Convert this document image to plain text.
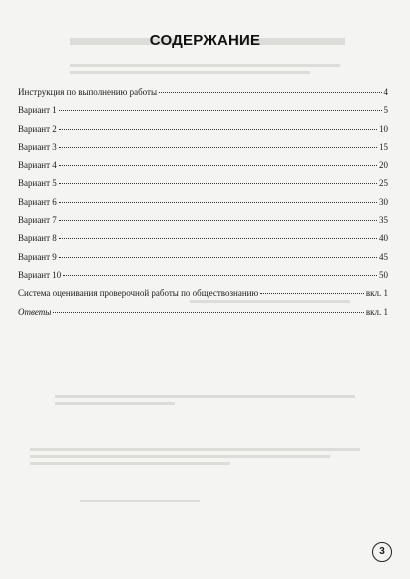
СОДЕРЖАНИЕ
Инструкция по выполнению работы	4
Вариант 1	5
Вариант 2	10
Вариант 3	15
Вариант 4	20
Вариант 5	25
Вариант 6	30
Вариант 7	35
Вариант 8	40
Вариант 9	45
Вариант 10	50
Система оценивания проверочной работы по обществознанию	вкл. 1
Ответы	вкл. 1
3
